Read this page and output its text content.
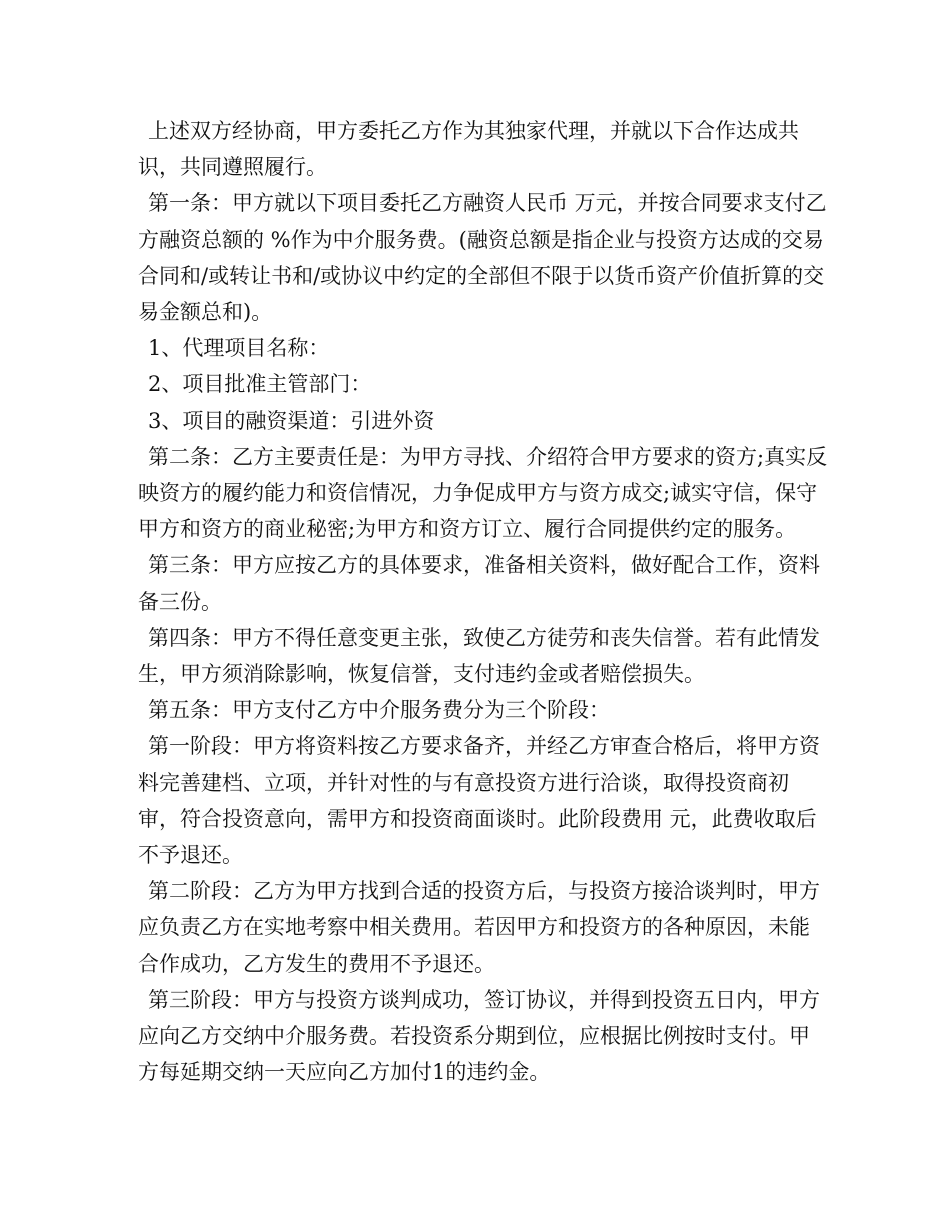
上述双方经协商，甲方委托乙方作为其独家代理，并就以下合作达成共识，共同遵照履行。

第一条：甲方就以下项目委托乙方融资人民币 万元，并按合同要求支付乙方融资总额的 %作为中介服务费。(融资总额是指企业与投资方达成的交易合同和/或转让书和/或协议中约定的全部但不限于以货币资产价值折算的交易金额总和)。

1、代理项目名称：

2、项目批准主管部门：

3、项目的融资渠道：引进外资

第二条：乙方主要责任是：为甲方寻找、介绍符合甲方要求的资方;真实反映资方的履约能力和资信情况，力争促成甲方与资方成交;诚实守信，保守甲方和资方的商业秘密;为甲方和资方订立、履行合同提供约定的服务。

第三条：甲方应按乙方的具体要求，准备相关资料，做好配合工作，资料备三份。

第四条：甲方不得任意变更主张，致使乙方徒劳和丧失信誉。若有此情发生，甲方须消除影响，恢复信誉，支付违约金或者赔偿损失。

第五条：甲方支付乙方中介服务费分为三个阶段：

第一阶段：甲方将资料按乙方要求备齐，并经乙方审查合格后，将甲方资料完善建档、立项，并针对性的与有意投资方进行洽谈，取得投资商初审，符合投资意向，需甲方和投资商面谈时。此阶段费用 元，此费收取后不予退还。

第二阶段：乙方为甲方找到合适的投资方后，与投资方接洽谈判时，甲方应负责乙方在实地考察中相关费用。若因甲方和投资方的各种原因，未能合作成功，乙方发生的费用不予退还。

第三阶段：甲方与投资方谈判成功，签订协议，并得到投资五日内，甲方应向乙方交纳中介服务费。若投资系分期到位，应根据比例按时支付。甲方每延期交纳一天应向乙方加付1的违约金。
